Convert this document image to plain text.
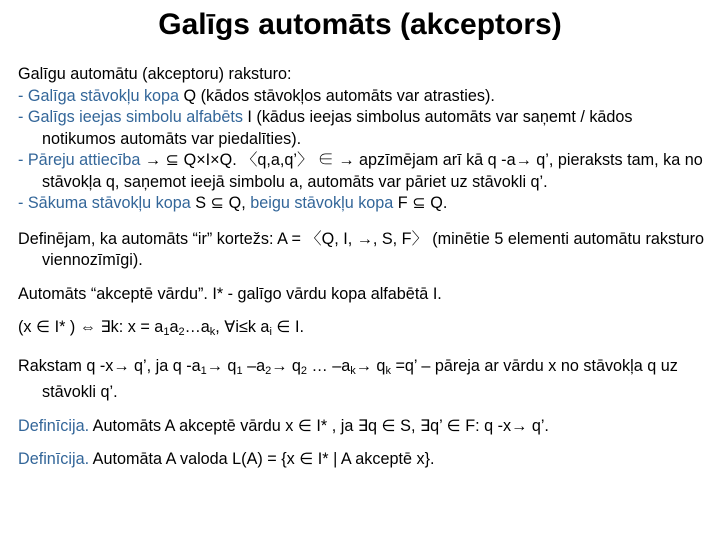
Galīgs automāts (akceptors)
Galīgu automātu (akceptoru) raksturo:
- Galīga stāvokļu kopa Q (kādos stāvokļos automāts var atrasties).
- Galīgs ieejas simbolu alfabēts I (kādus ieejas simbolus automāts var saņemt / kādos notikumos automāts var piedalīties).
- Pāreju attiecība → ⊆ Q×I×Q. 〈q,a,q’〉 ∈ → apzīmējam arī kā q -a→ q’, pieraksts tam, ka no stāvokļa q, saņemot ieejā simbolu a, automāts var pāriet uz stāvokli q’.
- Sākuma stāvokļu kopa S ⊆ Q, beigu stāvokļu kopa F ⊆ Q.
Definējam, ka automāts “ir” kortežs: A = 〈Q, I, →, S, F〉 (minētie 5 elementi automātu raksturo viennozīmīgi).
Automāts “akceptē vārdu”. I* - galīgo vārdu kopa alfabētā I.
(x ∈ I* ) ⇔ ∃k: $x = a_1a_2\dots a_k$, ∀i≤k $a_i$ ∈ I.
Rakstam q -x→ q’, ja q $-a_1\to q_1$ $-a_2\to q_2$ … $-a_k\to q_k =q$’ – pāreja ar vārdu x no stāvokļa q uz stāvokli q’.
Definīcija. Automāts A akceptē vārdu x ∈ I* , ja ∃q ∈ S, ∃q’ ∈ F: q -x→ q’.
Definīcija. Automāta A valoda L(A) = {x ∈ I* | A akceptē x}.
